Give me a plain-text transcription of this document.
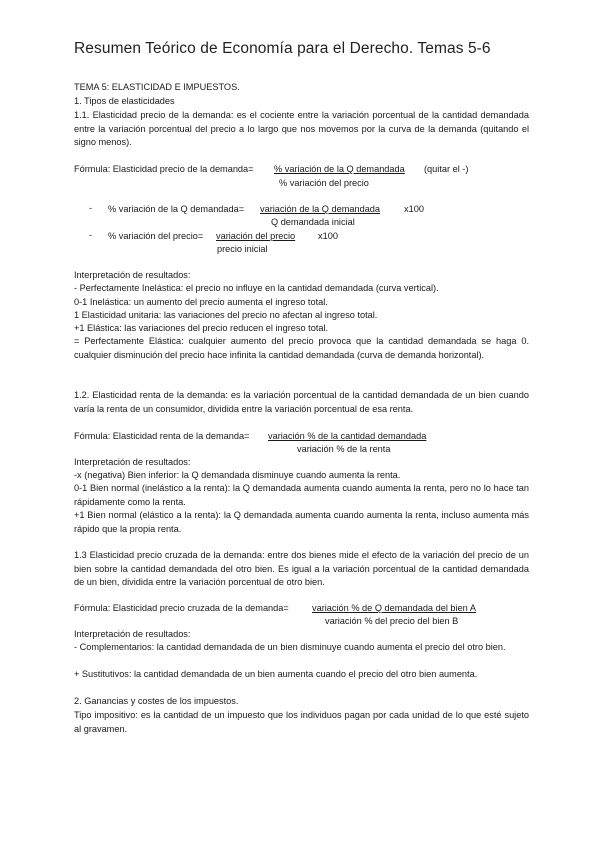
Resumen Teórico de Economía para el Derecho. Temas 5-6
TEMA 5: ELASTICIDAD E IMPUESTOS.
1. Tipos de elasticidades
1.1. Elasticidad precio de la demanda: es el cociente entre la variación porcentual de la cantidad demandada entre la variación porcentual del precio a lo largo que nos movemos por la curva de la demanda (quitando el signo menos).
Fórmula: Elasticidad precio de la demanda= % variación de la Q demandada (quitar el -)
% variación del precio
- % variación de la Q demandada= variación de la Q demandada	x100
Q demandada inicial
- % variación del precio= variación del precio x100
precio inicial
Interpretación de resultados:
- Perfectamente Inelástica: el precio no influye en la cantidad demandada (curva vertical).
0-1 Inelástica: un aumento del precio aumenta el ingreso total.
1 Elasticidad unitaria: las variaciones del precio no afectan al ingreso total.
+1 Elástica: las variaciones del precio reducen el ingreso total.
= Perfectamente Elástica: cualquier aumento del precio provoca que la cantidad demandada se haga 0. cualquier disminución del precio hace infinita la cantidad demandada (curva de demanda horizontal).
1.2. Elasticidad renta de la demanda: es la variación porcentual de la cantidad demandada de un bien cuando varía la renta de un consumidor, dividida entre la variación porcentual de esa renta.
Fórmula: Elasticidad renta de la demanda= variación % de la cantidad demandada
variación % de la renta
Interpretación de resultados:
-x (negativa) Bien inferior: la Q demandada disminuye cuando aumenta la renta.
0-1 Bien normal (inelástico a la renta): la Q demandada aumenta cuando aumenta la renta, pero no lo hace tan rápidamente como la renta.
+1 Bien normal (elástico a la renta): la Q demandada aumenta cuando aumenta la renta, incluso aumenta más rápido que la propia renta.
1.3 Elasticidad precio cruzada de la demanda: entre dos bienes mide el efecto de la variación del precio de un bien sobre la cantidad demandada del otro bien. Es igual a la variación porcentual de la cantidad demandada de un bien, dividida entre la variación porcentual de otro bien.
Fórmula: Elasticidad precio cruzada de la demanda=	variación % de Q demandada del bien A
variación % del precio del bien B
Interpretación de resultados:
- Complementarios: la cantidad demandada de un bien disminuye cuando aumenta el precio del otro bien.
+ Sustitutivos: la cantidad demandada de un bien aumenta cuando el precio del otro bien aumenta.
2. Ganancias y costes de los impuestos.
Tipo impositivo: es la cantidad de un impuesto que los individuos pagan por cada unidad de lo que esté sujeto al gravamen.
